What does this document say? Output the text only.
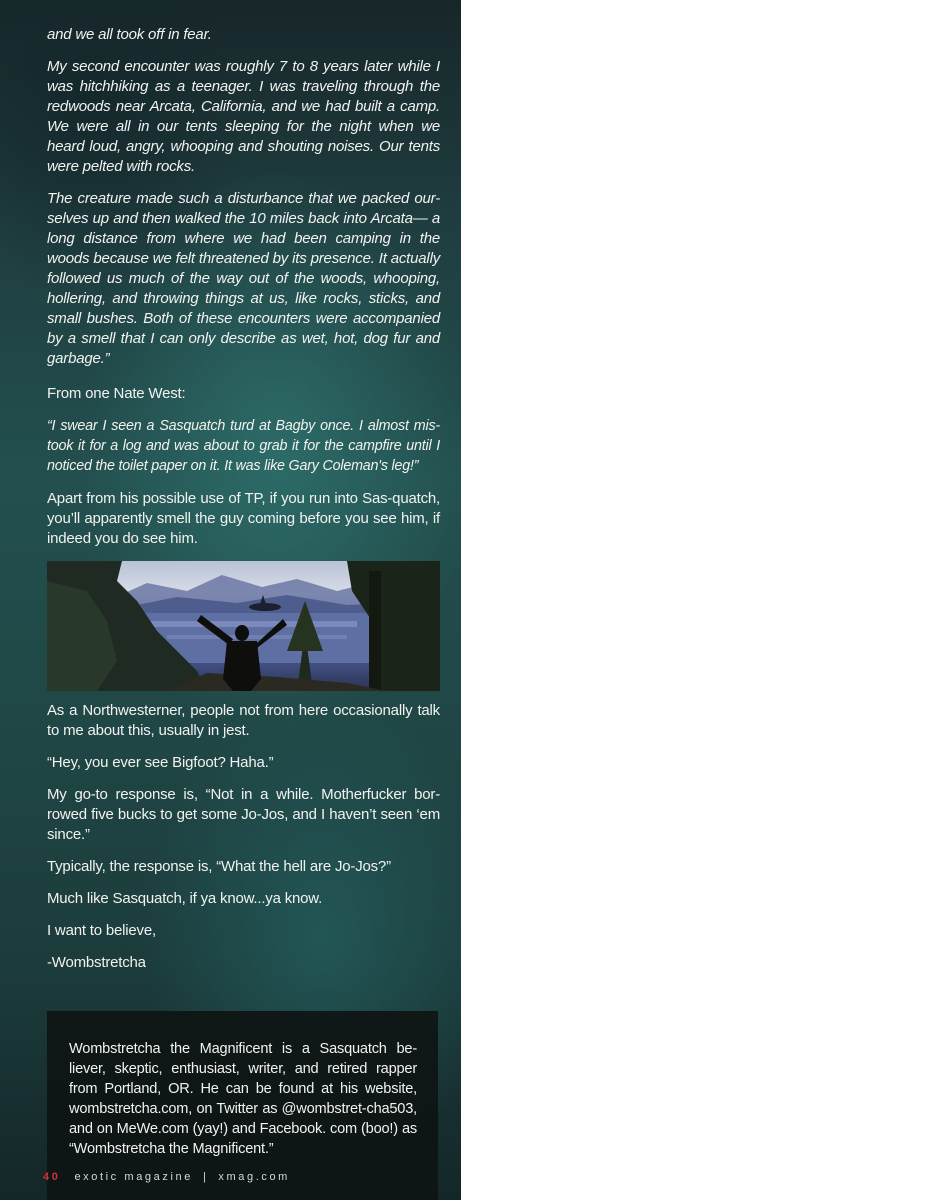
and we all took off in fear.

My second encounter was roughly 7 to 8 years later while I was hitchhiking as a teenager. I was traveling through the redwoods near Arcata, California, and we had built a camp. We were all in our tents sleeping for the night when we heard loud, angry, whooping and shouting noises. Our tents were pelted with rocks.

The creature made such a disturbance that we packed our-selves up and then walked the 10 miles back into Arcata— a long distance from where we had been camping in the woods because we felt threatened by its presence. It actually followed us much of the way out of the woods, whooping, hollering, and throwing things at us, like rocks, sticks, and small bushes. Both of these encounters were accompanied by a smell that I can only describe as wet, hot, dog fur and garbage.”

From one Nate West:

“I swear I seen a Sasquatch turd at Bagby once. I almost mis-took it for a log and was about to grab it for the campfire until I noticed the toilet paper on it. It was like Gary Coleman's leg!”

Apart from his possible use of TP, if you run into Sas-quatch, you’ll apparently smell the guy coming before you see him, if indeed you do see him.

As a Northwesterner, people not from here occasionally talk to me about this, usually in jest.

“Hey, you ever see Bigfoot? Haha.”

My go-to response is, “Not in a while. Motherfucker bor-rowed five bucks to get some Jo-Jos, and I haven’t seen ‘em since.”

Typically, the response is, “What the hell are Jo-Jos?”

Much like Sasquatch, if ya know...ya know.

I want to believe,

-Wombstretcha

Wombstretcha the Magnificent is a Sasquatch be-liever, skeptic, enthusiast, writer, and retired rapper from Portland, OR. He can be found at his website, wombstretcha.com, on Twitter as @wombstret-cha503, and on MeWe.com (yay!) and Facebook. com (boo!) as “Wombstretcha the Magnificent.”

40 exotic magazine | xmag.com
